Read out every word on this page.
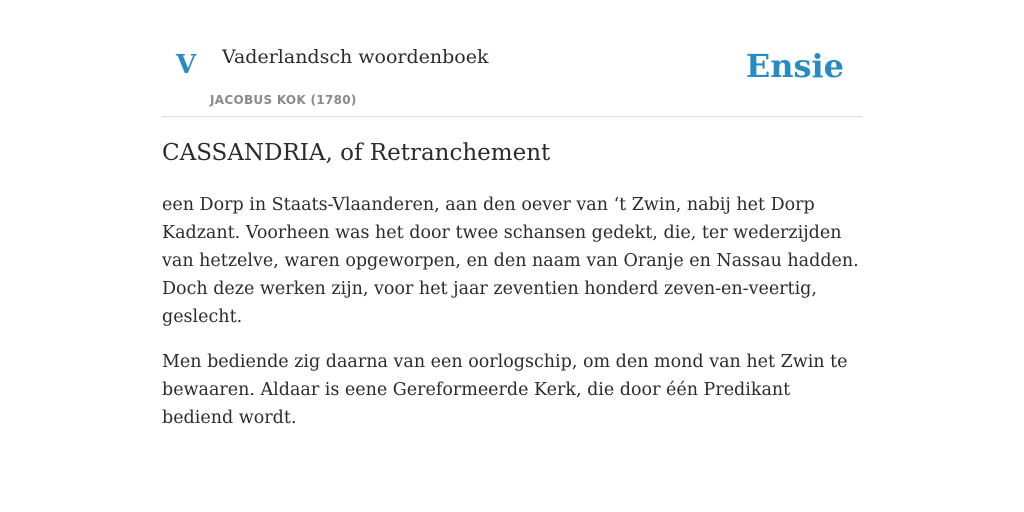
V Vaderlandsch woordenboek
JACOBUS KOK (1780)
Ensie
CASSANDRIA, of Retranchement

een Dorp in Staats-Vlaanderen, aan den oever van ‘t Zwin, nabij het Dorp Kadzant. Voorheen was het door twee schansen gedekt, die, ter wederzijden van hetzelve, waren opgeworpen, en den naam van Oranje en Nassau hadden. Doch deze werken zijn, voor het jaar zeventien honderd zeven-en-veertig, geslecht.

Men bediende zig daarna van een oorlogschip, om den mond van het Zwin te bewaaren. Aldaar is eene Gereformeerde Kerk, die door één Predikant bediend wordt.
